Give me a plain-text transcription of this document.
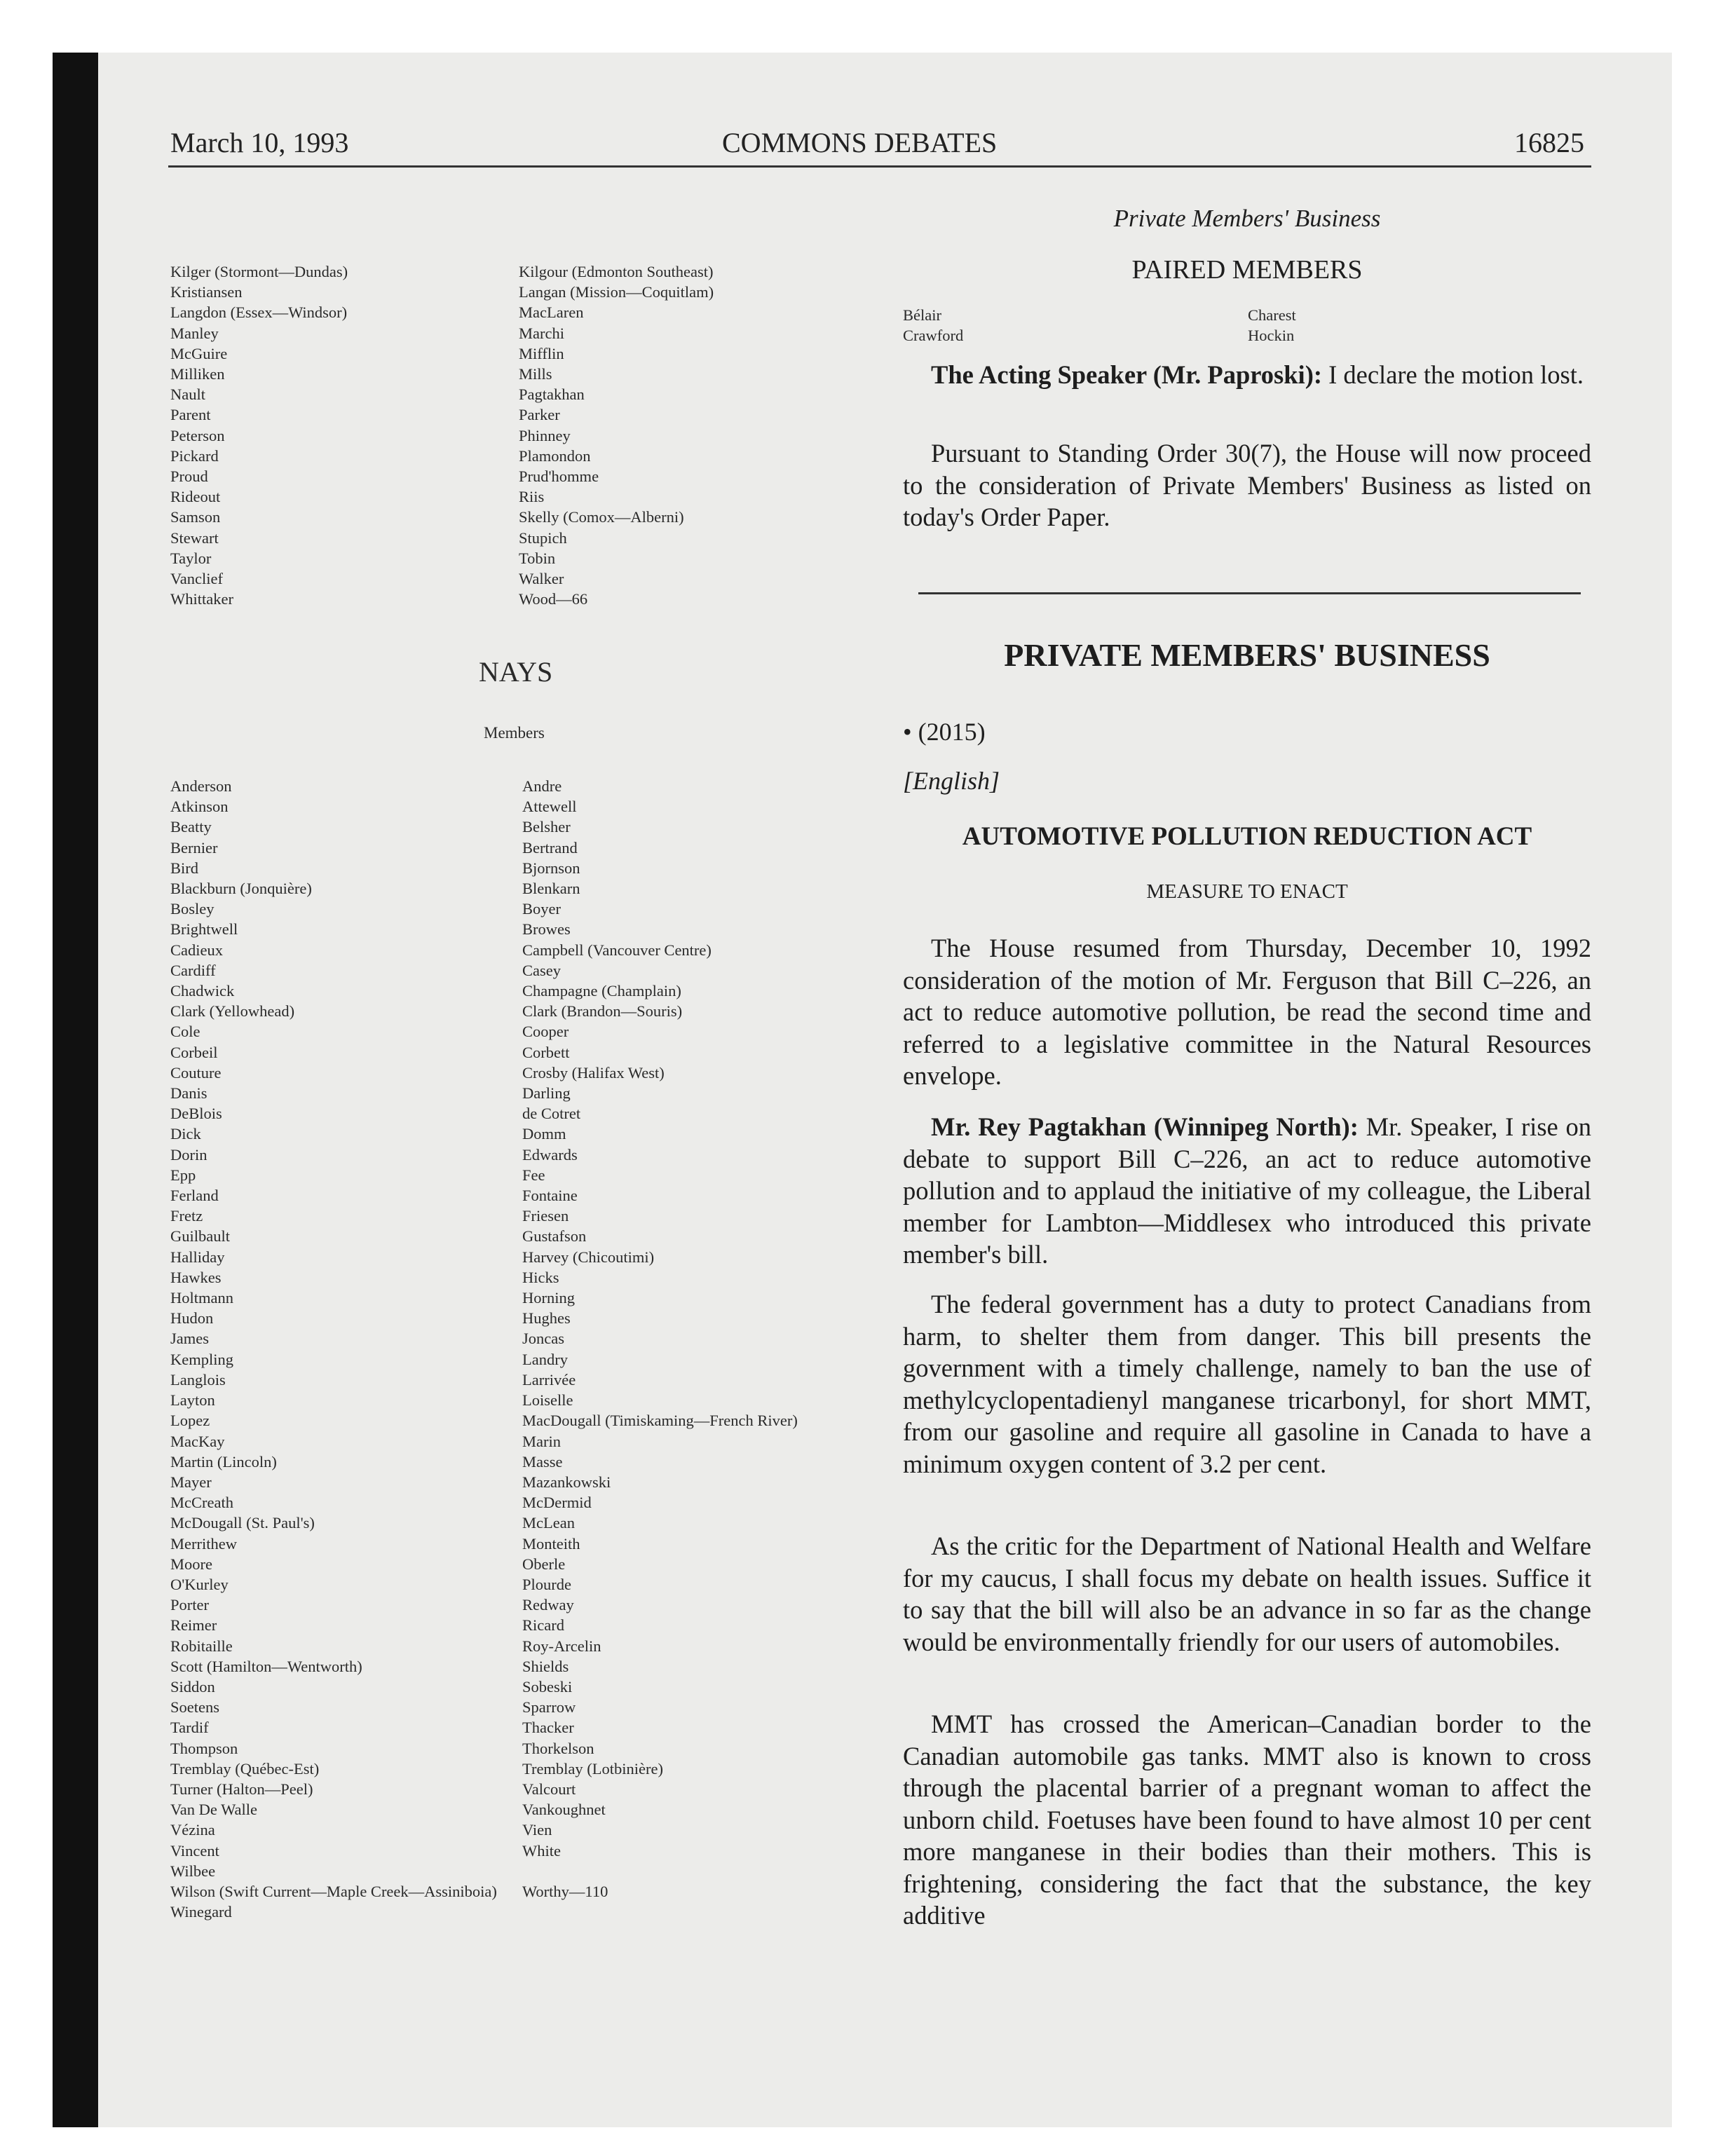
March 10, 1993	COMMONS DEBATES	16825
Kilger (Stormont—Dundas)
Kristiansen
Langdon (Essex—Windsor)
Manley
McGuire
Milliken
Nault
Parent
Peterson
Pickard
Proud
Rideout
Samson
Stewart
Taylor
Vanclief
Whittaker
Kilgour (Edmonton Southeast)
Langan (Mission—Coquitlam)
MacLaren
Marchi
Mifflin
Mills
Pagtakhan
Parker
Phinney
Plamondon
Prud'homme
Riis
Skelly (Comox—Alberni)
Stupich
Tobin
Walker
Wood—66
NAYS
Members
Anderson
Atkinson
Beatty
Bernier
Bird
Blackburn (Jonquière)
Bosley
Brightwell
Cadieux
Cardiff
Chadwick
Clark (Yellowhead)
Cole
Corbeil
Couture
Danis
DeBlois
Dick
Dorin
Epp
Ferland
Fretz
Guilbault
Halliday
Hawkes
Holtmann
Hudon
James
Kempling
Langlois
Layton
Lopez
MacKay
Martin (Lincoln)
Mayer
McCreath
McDougall (St. Paul's)
Merrithew
Moore
O'Kurley
Porter
Reimer
Robitaille
Scott (Hamilton—Wentworth)
Siddon
Soetens
Tardif
Thompson
Tremblay (Québec-Est)
Turner (Halton—Peel)
Van De Walle
Vézina
Vincent
Wilbee
Wilson (Swift Current—Maple Creek—Assiniboia)
Winegard
Andre
Attewell
Belsher
Bertrand
Bjornson
Blenkarn
Boyer
Browes
Campbell (Vancouver Centre)
Casey
Champagne (Champlain)
Clark (Brandon—Souris)
Cooper
Corbett
Crosby (Halifax West)
Darling
de Cotret
Domm
Edwards
Fee
Fontaine
Friesen
Gustafson
Harvey (Chicoutimi)
Hicks
Horning
Hughes
Joncas
Landry
Larrivée
Loiselle
MacDougall (Timiskaming—French River)
Marin
Masse
Mazankowski
McDermid
McLean
Monteith
Oberle
Plourde
Redway
Ricard
Roy-Arcelin
Shields
Sobeski
Sparrow
Thacker
Thorkelson
Tremblay (Lotbinière)
Valcourt
Vankoughnet
Vien
White

Worthy—110
Private Members' Business
PAIRED MEMBERS
Bélair
Crawford
Charest
Hockin

The Acting Speaker (Mr. Paproski): I declare the motion lost.

Pursuant to Standing Order 30(7), the House will now proceed to the consideration of Private Members' Business as listed on today's Order Paper.

PRIVATE MEMBERS' BUSINESS
• (2015)
[English]
AUTOMOTIVE POLLUTION REDUCTION ACT
MEASURE TO ENACT

The House resumed from Thursday, December 10, 1992 consideration of the motion of Mr. Ferguson that Bill C–226, an act to reduce automotive pollution, be read the second time and referred to a legislative committee in the Natural Resources envelope.

Mr. Rey Pagtakhan (Winnipeg North): Mr. Speaker, I rise on debate to support Bill C–226, an act to reduce automotive pollution and to applaud the initiative of my colleague, the Liberal member for Lambton—Middlesex who introduced this private member's bill.

The federal government has a duty to protect Canadians from harm, to shelter them from danger. This bill presents the government with a timely challenge, namely to ban the use of methylcyclopentadienyl manganese tricarbonyl, for short MMT, from our gasoline and require all gasoline in Canada to have a minimum oxygen content of 3.2 per cent.

As the critic for the Department of National Health and Welfare for my caucus, I shall focus my debate on health issues. Suffice it to say that the bill will also be an advance in so far as the change would be environmentally friendly for our users of automobiles.

MMT has crossed the American–Canadian border to the Canadian automobile gas tanks. MMT also is known to cross through the placental barrier of a pregnant woman to affect the unborn child. Foetuses have been found to have almost 10 per cent more manganese in their bodies than their mothers. This is frightening, considering the fact that the substance, the key additive
